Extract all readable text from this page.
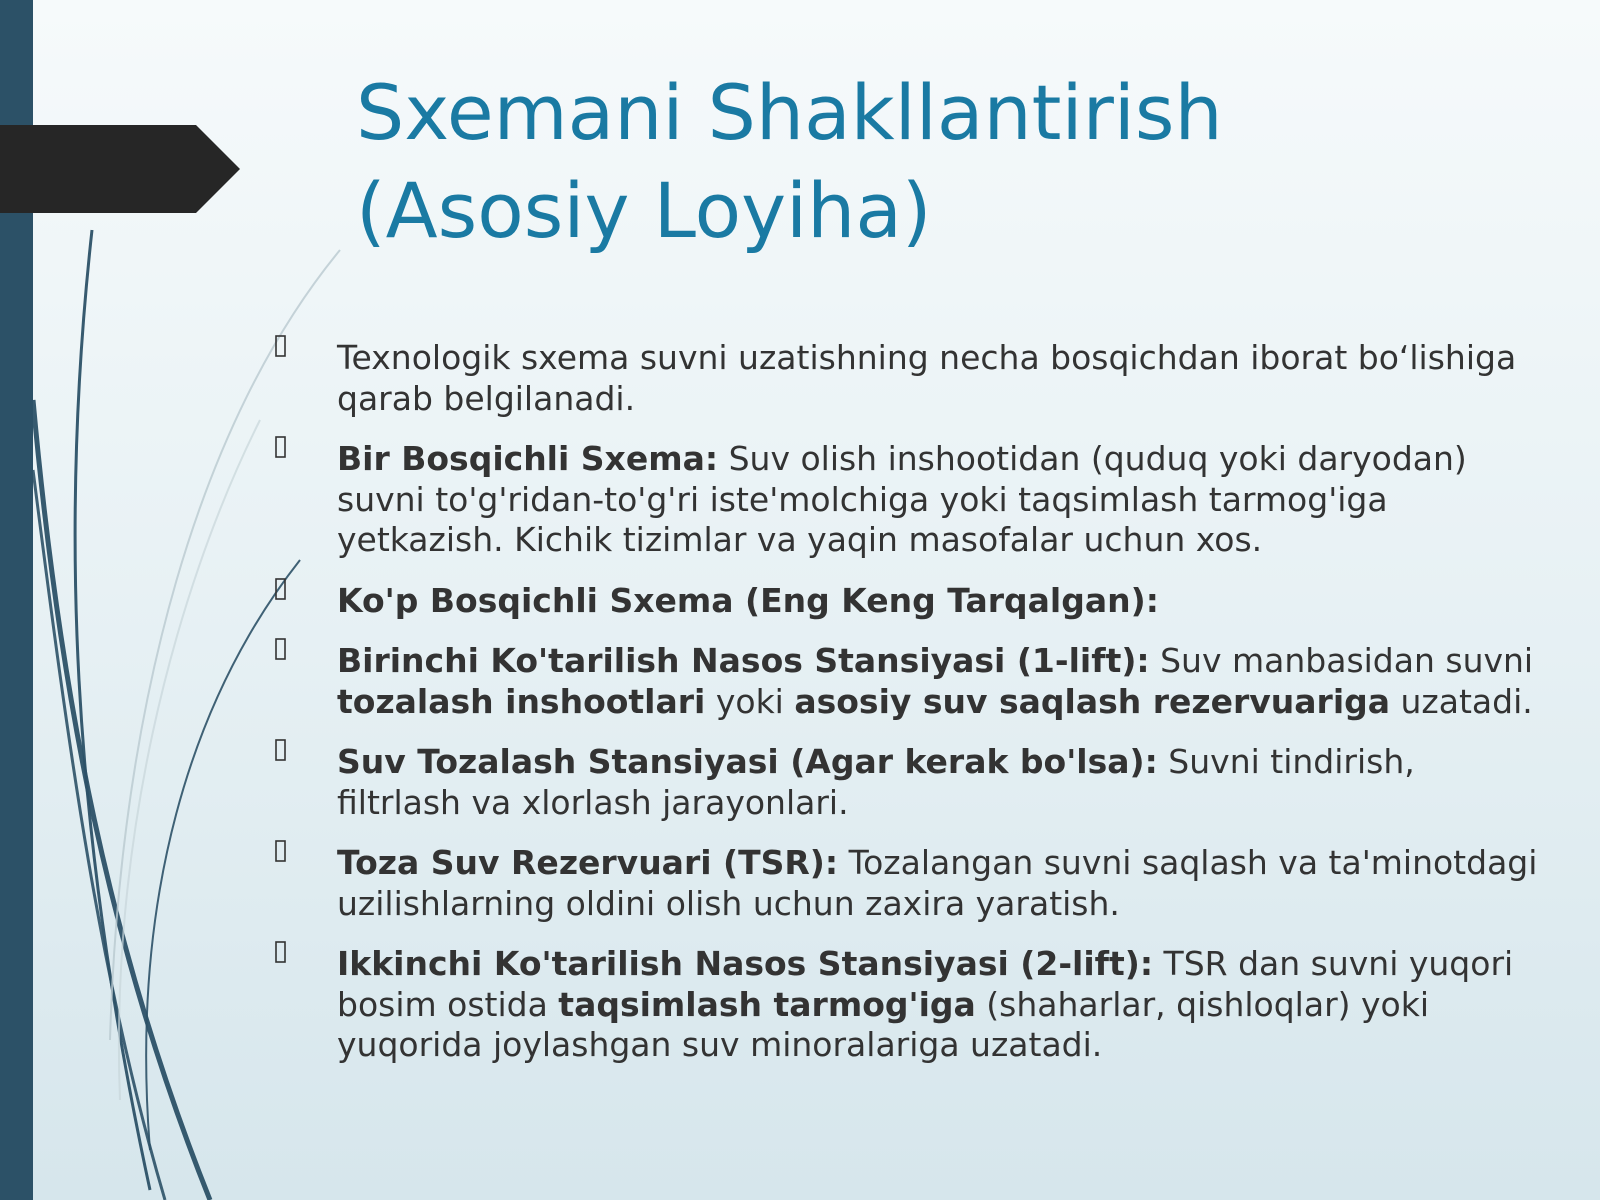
Sxemani Shakllantirish
(Asosiy Loyiha)
Texnologik sxema suvni uzatishning necha bosqichdan iborat bo‘lishiga qarab belgilanadi.
Bir Bosqichli Sxema: Suv olish inshootidan (quduq yoki daryodan) suvni to'g'ridan-to'g'ri iste'molchiga yoki taqsimlash tarmog'iga yetkazish. Kichik tizimlar va yaqin masofalar uchun xos.
Ko'p Bosqichli Sxema (Eng Keng Tarqalgan):
Birinchi Ko'tarilish Nasos Stansiyasi (1-lift): Suv manbasidan suvni tozalash inshootlari yoki asosiy suv saqlash rezervuariga uzatadi.
Suv Tozalash Stansiyasi (Agar kerak bo'lsa): Suvni tindirish, filtrlash va xlorlash jarayonlari.
Toza Suv Rezervuari (TSR): Tozalangan suvni saqlash va ta'minotdagi uzilishlarning oldini olish uchun zaxira yaratish.
Ikkinchi Ko'tarilish Nasos Stansiyasi (2-lift): TSR dan suvni yuqori bosim ostida taqsimlash tarmog'iga (shaharlar, qishloqlar) yoki yuqorida joylashgan suv minoralariga uzatadi.
